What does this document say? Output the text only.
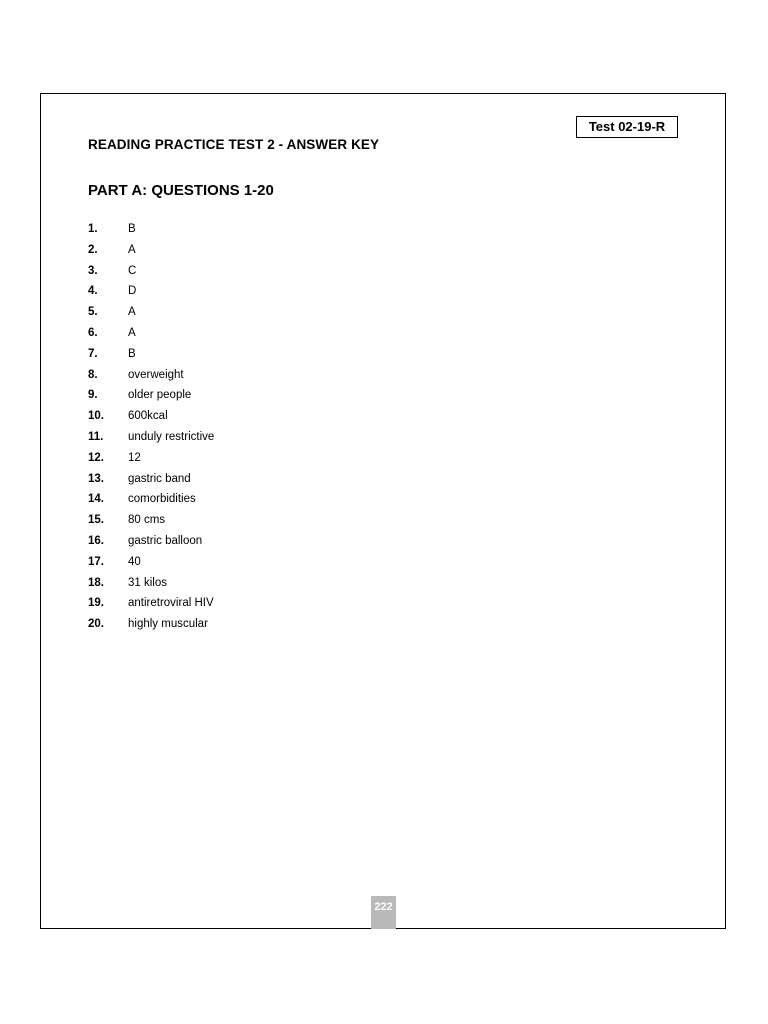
Test 02-19-R
READING PRACTICE TEST 2 - ANSWER KEY
PART A: QUESTIONS 1-20
1.	B
2.	A
3.	C
4.	D
5.	A
6.	A
7.	B
8.	overweight
9.	older people
10. 600kcal
11. unduly restrictive
12. 12
13. gastric band
14. comorbidities
15. 80 cms
16. gastric balloon
17. 40
18. 31 kilos
19. antiretroviral HIV
20. highly muscular
222
